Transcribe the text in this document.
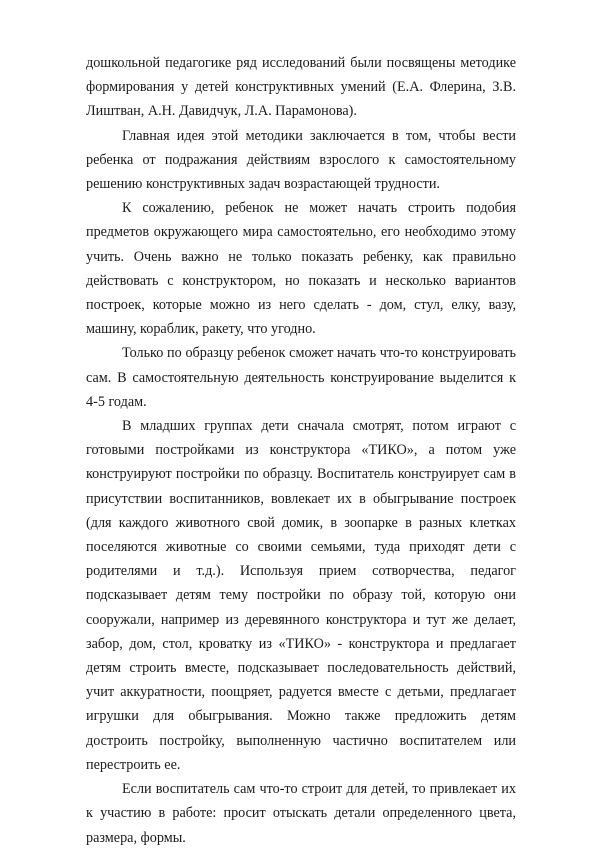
дошкольной педагогике ряд исследований были посвящены методике формирования у детей конструктивных умений (Е.А. Флерина, З.В. Лиштван, А.Н. Давидчук, Л.А. Парамонова).

Главная идея этой методики заключается в том, чтобы вести ребенка от подражания действиям взрослого к самостоятельному решению конструктивных задач возрастающей трудности.

К сожалению, ребенок не может начать строить подобия предметов окружающего мира самостоятельно, его необходимо этому учить. Очень важно не только показать ребенку, как правильно действовать с конструктором, но показать и несколько вариантов построек, которые можно из него сделать - дом, стул, елку, вазу, машину, кораблик, ракету, что угодно.

Только по образцу ребенок сможет начать что-то конструировать сам. В самостоятельную деятельность конструирование выделится к 4-5 годам.

В младших группах дети сначала смотрят, потом играют с готовыми постройками из конструктора «ТИКО», а потом уже конструируют постройки по образцу. Воспитатель конструирует сам в присутствии воспитанников, вовлекает их в обыгрывание построек (для каждого животного свой домик, в зоопарке в разных клетках поселяются животные со своими семьями, туда приходят дети с родителями и т.д.). Используя прием сотворчества, педагог подсказывает детям тему постройки по образу той, которую они сооружали, например из деревянного конструктора и тут же делает, забор, дом, стол, кроватку из «ТИКО» - конструктора и предлагает детям строить вместе, подсказывает последовательность действий, учит аккуратности, поощряет, радуется вместе с детьми, предлагает игрушки для обыгрывания. Можно также предложить детям достроить постройку, выполненную частично воспитателем или перестроить ее.

Если воспитатель сам что-то строит для детей, то привлекает их к участию в работе: просит отыскать детали определенного цвета, размера, формы.
